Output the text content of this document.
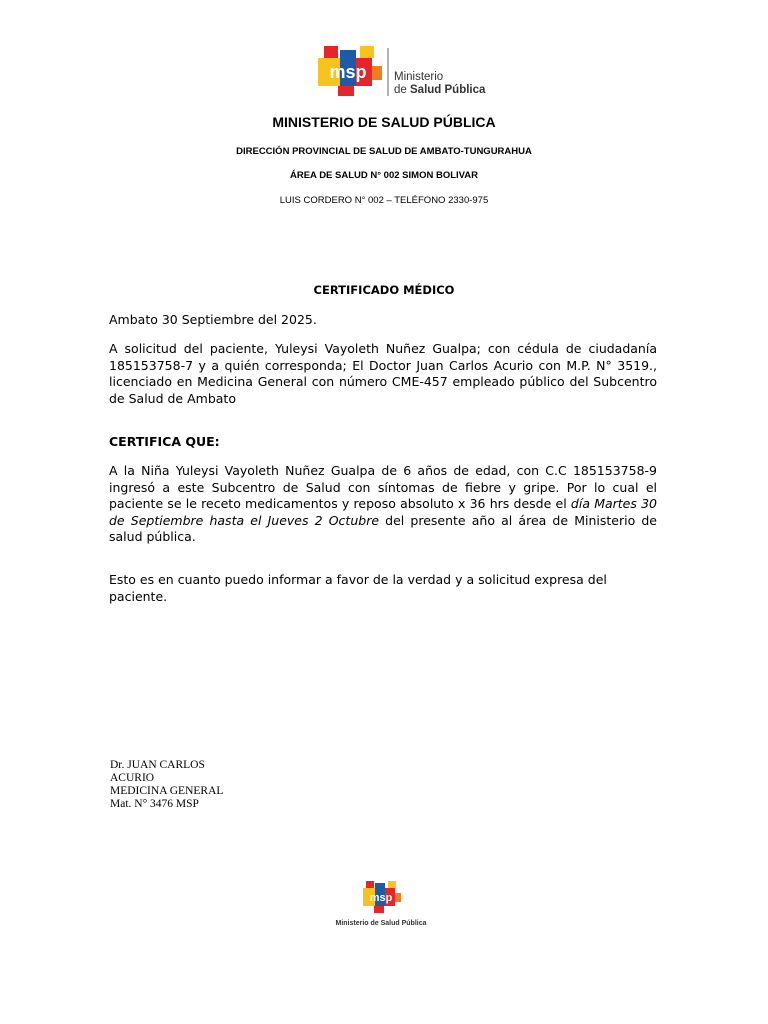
msp Ministerio
de Salud Pública
MINISTERIO DE SALUD PÚBLICA
DIRECCIÓN PROVINCIAL DE SALUD DE AMBATO-TUNGURAHUA
ÁREA DE SALUD N° 002 SIMON BOLIVAR
LUIS CORDERO N° 002 – TELÉFONO 2330-975
CERTIFICADO MÉDICO
Ambato 30 Septiembre del 2025.

A solicitud del paciente, Yuleysi Vayoleth Nuñez Gualpa; con cédula de ciudadanía 185153758-7 y a quién corresponda; El Doctor Juan Carlos Acurio con M.P. N° 3519., licenciado en Medicina General con número CME-457 empleado público del Subcentro de Salud de Ambato

CERTIFICA QUE:

A la Niña Yuleysi Vayoleth Nuñez Gualpa de 6 años de edad, con C.C 185153758-9 ingresó a este Subcentro de Salud con síntomas de fiebre y gripe. Por lo cual el paciente se le receto medicamentos y reposo absoluto x 36 hrs desde el día Martes 30 de Septiembre hasta el Jueves 2 Octubre del presente año al área de Ministerio de salud pública.

Esto es en cuanto puedo informar a favor de la verdad y a solicitud expresa del paciente.
Dr. JUAN CARLOS ACURIO
MEDICINA GENERAL
Mat. N° 3476 MSP
msp
Ministerio de Salud Pública
